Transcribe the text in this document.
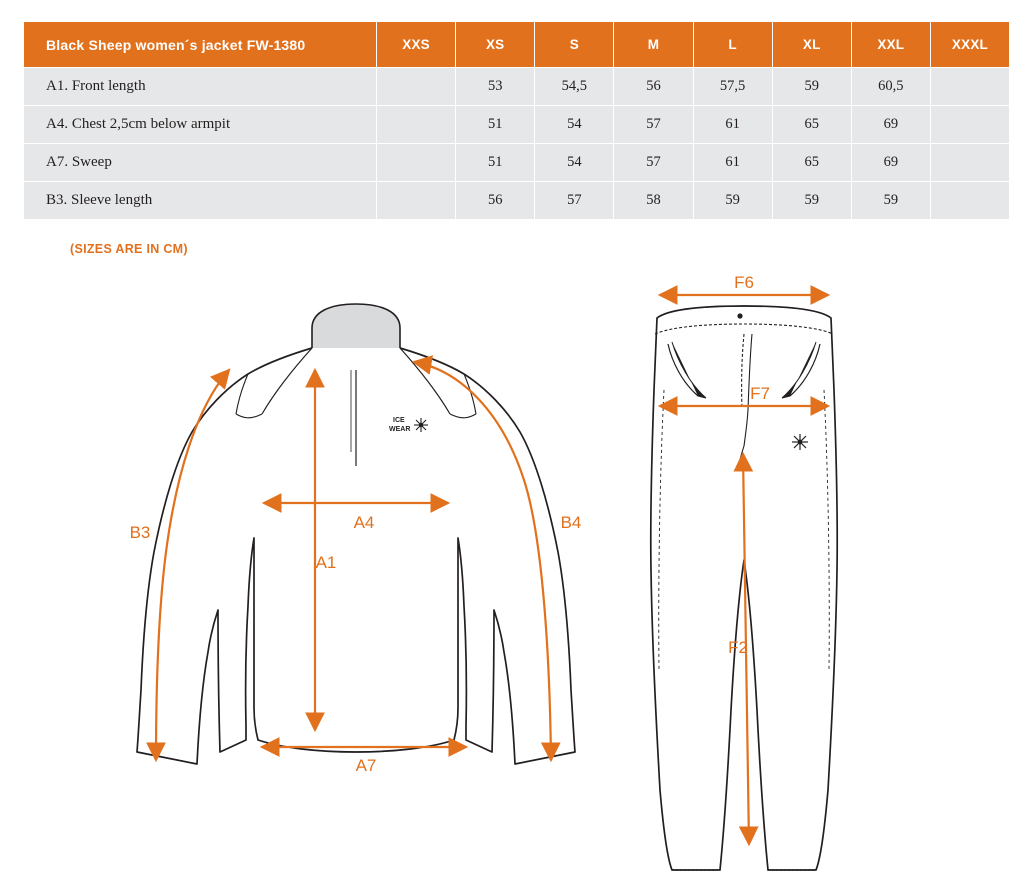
Black Sheep women´s jacket FW-1380	XXS	XS	S	M	L	XL	XXL	XXXL
A1. Front length		53	54,5	56	57,5	59	60,5	
A4. Chest 2,5cm below armpit		51	54	57	61	65	69	
A7. Sweep		51	54	57	61	65	69	
B3. Sleeve length		56	57	58	59	59	59	
(SIZES ARE IN CM)
ICE
WEAR
B3
B4
A4
A1
A7
F6
F7
F2
